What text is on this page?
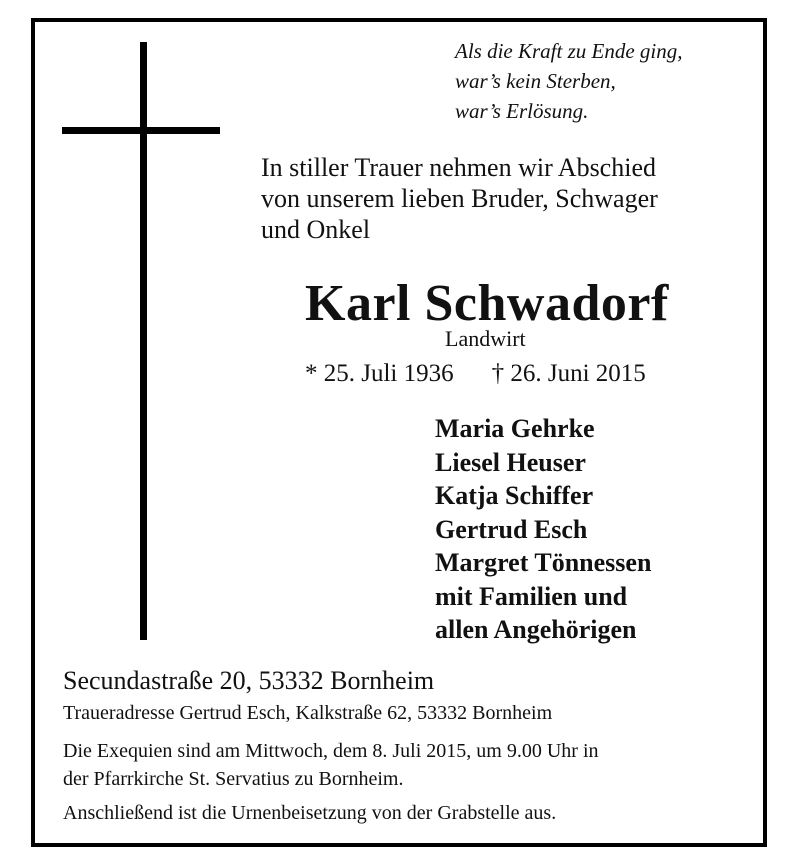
Als die Kraft zu Ende ging,
war’s kein Sterben,
war’s Erlösung.
In stiller Trauer nehmen wir Abschied
von unserem lieben Bruder, Schwager
und Onkel
Karl Schwadorf
Landwirt
* 25. Juli 1936 † 26. Juni 2015
Maria Gehrke
Liesel Heuser
Katja Schiffer
Gertrud Esch
Margret Tönnessen
mit Familien und
allen Angehörigen
Secundastraße 20, 53332 Bornheim
Traueradresse Gertrud Esch, Kalkstraße 62, 53332 Bornheim
Die Exequien sind am Mittwoch, dem 8. Juli 2015, um 9.00 Uhr in
der Pfarrkirche St. Servatius zu Bornheim.
Anschließend ist die Urnenbeisetzung von der Grabstelle aus.
